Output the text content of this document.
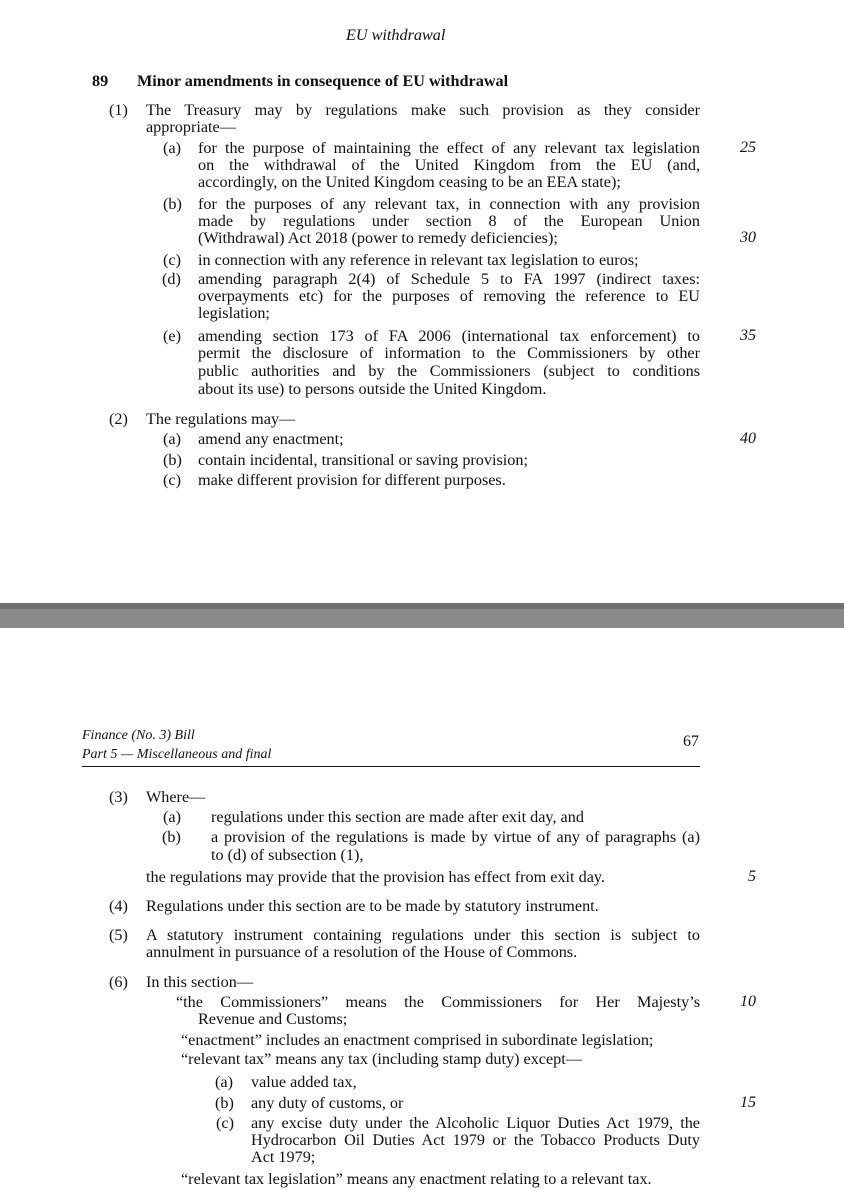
EU withdrawal
89 Minor amendments in consequence of EU withdrawal
(1) The Treasury may by regulations make such provision as they consider
appropriate—
(a) for the purpose of maintaining the effect of any relevant tax legislation
on the withdrawal of the United Kingdom from the EU (and,
accordingly, on the United Kingdom ceasing to be an EEA state);
(b) for the purposes of any relevant tax, in connection with any provision
made by regulations under section 8 of the European Union
(Withdrawal) Act 2018 (power to remedy deficiencies);
(c) in connection with any reference in relevant tax legislation to euros;
(d) amending paragraph 2(4) of Schedule 5 to FA 1997 (indirect taxes:
overpayments etc) for the purposes of removing the reference to EU
legislation;
(e) amending section 173 of FA 2006 (international tax enforcement) to
permit the disclosure of information to the Commissioners by other
public authorities and by the Commissioners (subject to conditions
about its use) to persons outside the United Kingdom.
(2) The regulations may—
(a) amend any enactment;
(b) contain incidental, transitional or saving provision;
(c) make different provision for different purposes.
25
30
35
40
Finance (No. 3) Bill
Part 5 — Miscellaneous and final
67
(3) Where—
(a) regulations under this section are made after exit day, and
(b) a provision of the regulations is made by virtue of any of paragraphs (a)
to (d) of subsection (1),
the regulations may provide that the provision has effect from exit day.
(4) Regulations under this section are to be made by statutory instrument.
(5) A statutory instrument containing regulations under this section is subject to
annulment in pursuance of a resolution of the House of Commons.
(6) In this section—
“the Commissioners” means the Commissioners for Her Majesty’s
Revenue and Customs;
“enactment” includes an enactment comprised in subordinate legislation;
“relevant tax” means any tax (including stamp duty) except—
(a) value added tax,
(b) any duty of customs, or
(c) any excise duty under the Alcoholic Liquor Duties Act 1979, the
Hydrocarbon Oil Duties Act 1979 or the Tobacco Products Duty
Act 1979;
“relevant tax legislation” means any enactment relating to a relevant tax.
5
10
15
